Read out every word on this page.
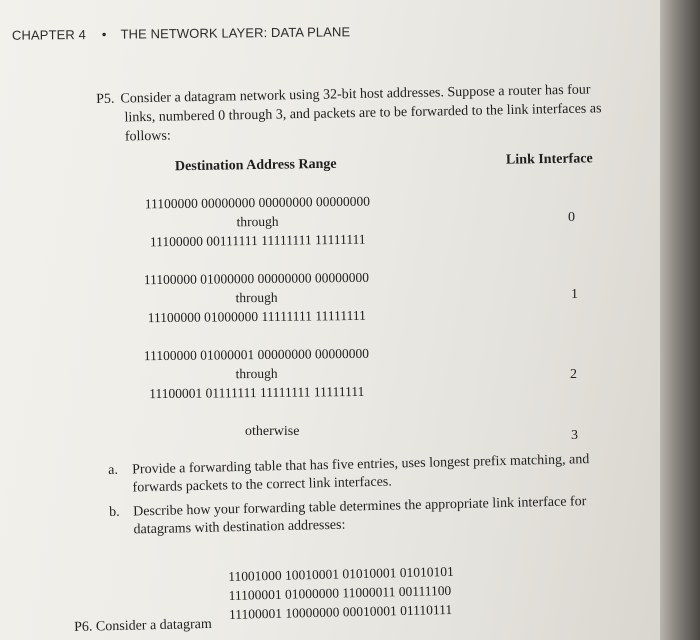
CHAPTER 4 • THE NETWORK LAYER: DATA PLANE
P5. Consider a datagram network using 32-bit host addresses. Suppose a router has four links, numbered 0 through 3, and packets are to be forwarded to the link interfaces as follows:
Destination Address Range	Link Interface
11100000 00000000 00000000 00000000
through
11100000 00111111 11111111 11111111
0
11100000 01000000 00000000 00000000
through
11100000 01000000 11111111 11111111
1
11100000 01000001 00000000 00000000
through
11100001 01111111 11111111 11111111
2
otherwise	3
a. Provide a forwarding table that has five entries, uses longest prefix matching, and forwards packets to the correct link interfaces.
b. Describe how your forwarding table determines the appropriate link interface for datagrams with destination addresses:
11001000 10010001 01010001 01010101
11100001 01000000 11000011 00111100
11100001 10000000 00010001 01110111
P6. Consider a datagram
